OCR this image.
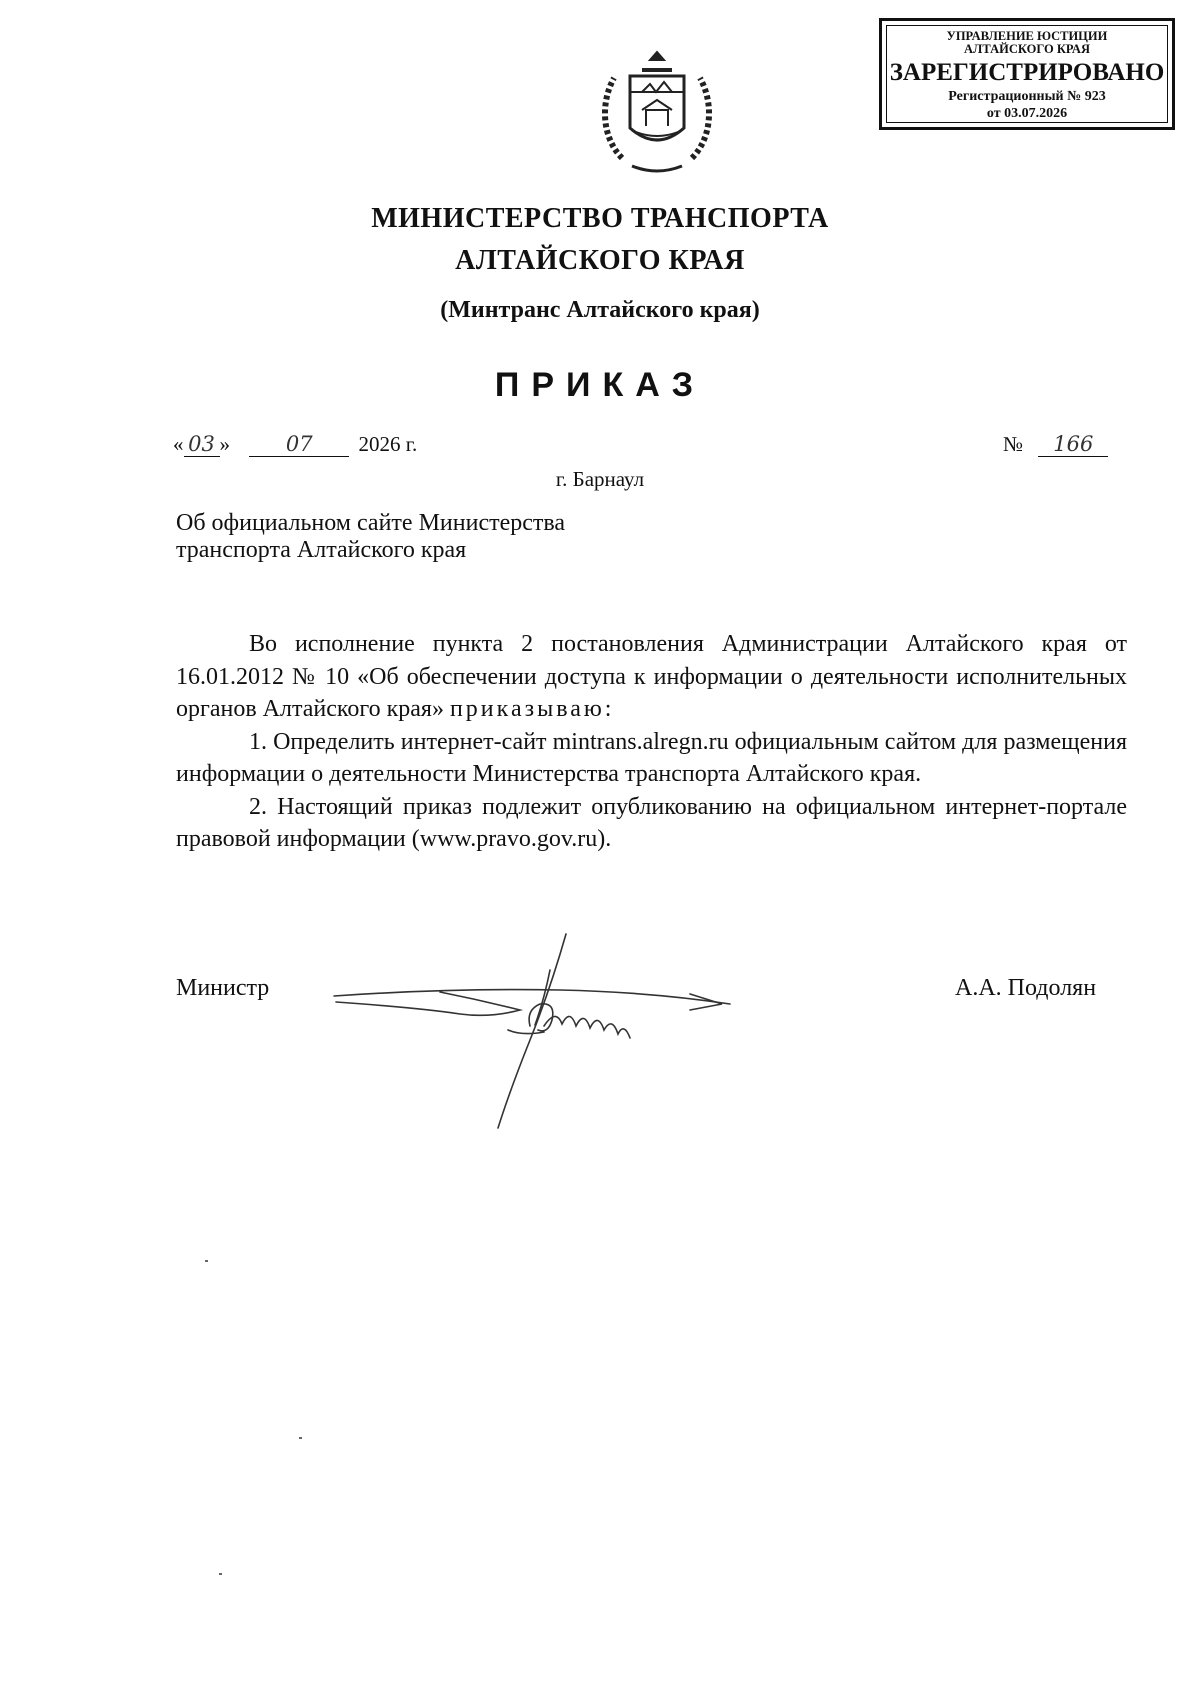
УПРАВЛЕНИЕ ЮСТИЦИИ
АЛТАЙСКОГО КРАЯ
ЗАРЕГИСТРИРОВАНО
Регистрационный № 923
от 03.07.2026
МИНИСТЕРСТВО ТРАНСПОРТА
АЛТАЙСКОГО КРАЯ
(Минтранс Алтайского края)
ПРИКАЗ
« 03 »	07 2026 г.	№ 166
г. Барнаул
Об официальном сайте Министерства
транспорта Алтайского края

Во исполнение пункта 2 постановления Администрации Алтайского края от 16.01.2012 № 10 «Об обеспечении доступа к информации о деятельности исполнительных органов Алтайского края» приказываю:

1. Определить интернет-сайт mintrans.alregn.ru официальным сайтом для размещения информации о деятельности Министерства транспорта Алтайского края.

2. Настоящий приказ подлежит опубликованию на официальном интернет-портале правовой информации (www.pravo.gov.ru).

Министр	А.А. Подолян
